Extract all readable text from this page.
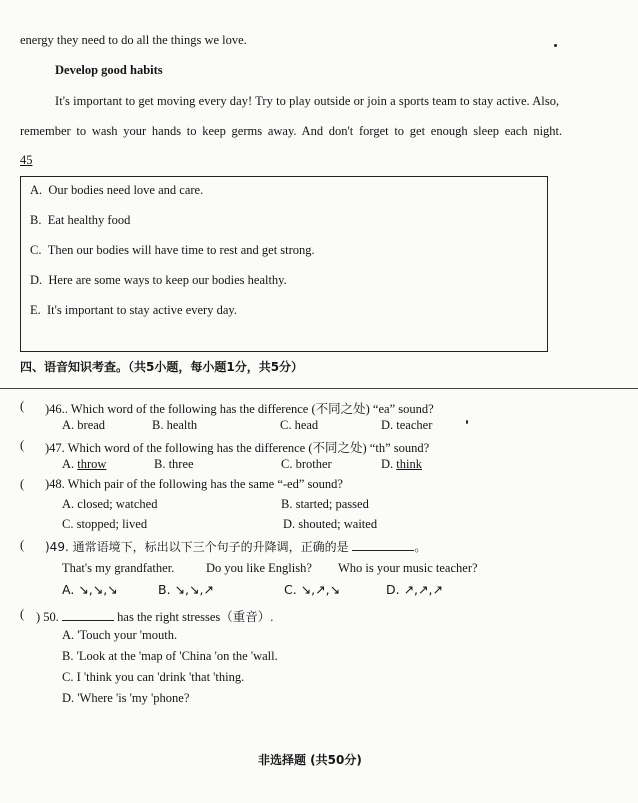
energy they need to do all the things we love.
Develop good habits
It's important to get moving every day! Try to play outside or join a sports team to stay active. Also,
remember to wash your hands to keep germs away. And don't forget to get enough sleep each night.
45
A. Our bodies need love and care.
B. Eat healthy food
C. Then our bodies will have time to rest and get strong.
D. Here are some ways to keep our bodies healthy.
E. It's important to stay active every day.
四、语音知识考查。（共5小题，每小题1分，共5分）
( )46.. Which word of the following has the difference (不同之处) “ea” sound?
A. bread	B. health	C. head	D. teacher
( )47. Which word of the following has the difference (不同之处) “th” sound?
A. throw	B. three	C. brother	D. think
( )48. Which pair of the following has the same “-ed” sound?
A. closed; watched	B. started; passed
C. stopped; lived	D. shouted; waited
( )49. 通常语境下，标出以下三个句子的升降调，正确的是	。
That's my grandfather.	Do you like English? Who is your music teacher?
A. ↘,↘,↘	B. ↘,↘,↗	C. ↘,↗,↘	D. ↗,↗,↗
( ) 50.	has the right stresses（重音）.
A. 'Touch your 'mouth.
B. 'Look at the 'map of 'China 'on the 'wall.
C. I 'think you can 'drink 'that 'thing.
D. 'Where 'is 'my 'phone?
非选择题 (共50分)
